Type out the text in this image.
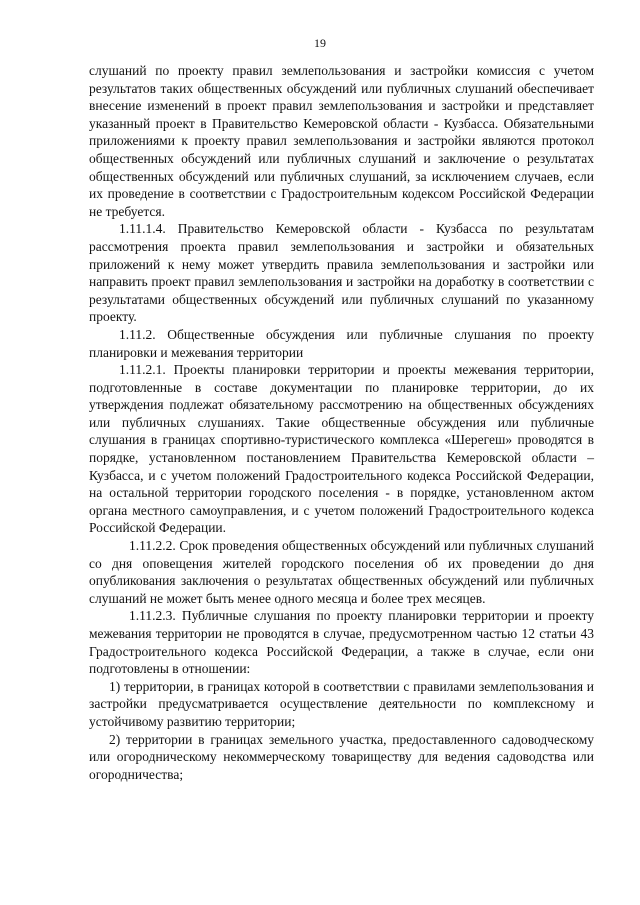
19

слушаний по проекту правил землепользования и застройки комиссия с учетом результатов таких общественных обсуждений или публичных слушаний обеспечивает внесение изменений в проект правил землепользования и застройки и представляет указанный проект в Правительство Кемеровской области - Кузбасса. Обязательными приложениями к проекту правил землепользования и застройки являются протокол общественных обсуждений или публичных слушаний и заключение о результатах общественных обсуждений или публичных слушаний, за исключением случаев, если их проведение в соответствии с Градостроительным кодексом Российской Федерации не требуется.

1.11.1.4. Правительство Кемеровской области - Кузбасса по результатам рассмотрения проекта правил землепользования и застройки и обязательных приложений к нему может утвердить правила землепользования и застройки или направить проект правил землепользования и застройки на доработку в соответствии с результатами общественных обсуждений или публичных слушаний по указанному проекту.

1.11.2. Общественные обсуждения или публичные слушания по проекту планировки и межевания территории

1.11.2.1. Проекты планировки территории и проекты межевания территории, подготовленные в составе документации по планировке территории, до их утверждения подлежат обязательному рассмотрению на общественных обсуждениях или публичных слушаниях. Такие общественные обсуждения или публичные слушания в границах спортивно-туристического комплекса «Шерегеш» проводятся в порядке, установленном постановлением Правительства Кемеровской области – Кузбасса, и с учетом положений Градостроительного кодекса Российской Федерации, на остальной территории городского поселения - в порядке, установленном актом органа местного самоуправления, и с учетом положений Градостроительного кодекса Российской Федерации.

1.11.2.2. Срок проведения общественных обсуждений или публичных слушаний со дня оповещения жителей городского поселения об их проведении до дня опубликования заключения о результатах общественных обсуждений или публичных слушаний не может быть менее одного месяца и более трех месяцев.

1.11.2.3. Публичные слушания по проекту планировки территории и проекту межевания территории не проводятся в случае, предусмотренном частью 12 статьи 43 Градостроительного кодекса Российской Федерации, а также в случае, если они подготовлены в отношении:

1) территории, в границах которой в соответствии с правилами землепользования и застройки предусматривается осуществление деятельности по комплексному и устойчивому развитию территории;

2) территории в границах земельного участка, предоставленного садоводческому или огородническому некоммерческому товариществу для ведения садоводства или огородничества;
